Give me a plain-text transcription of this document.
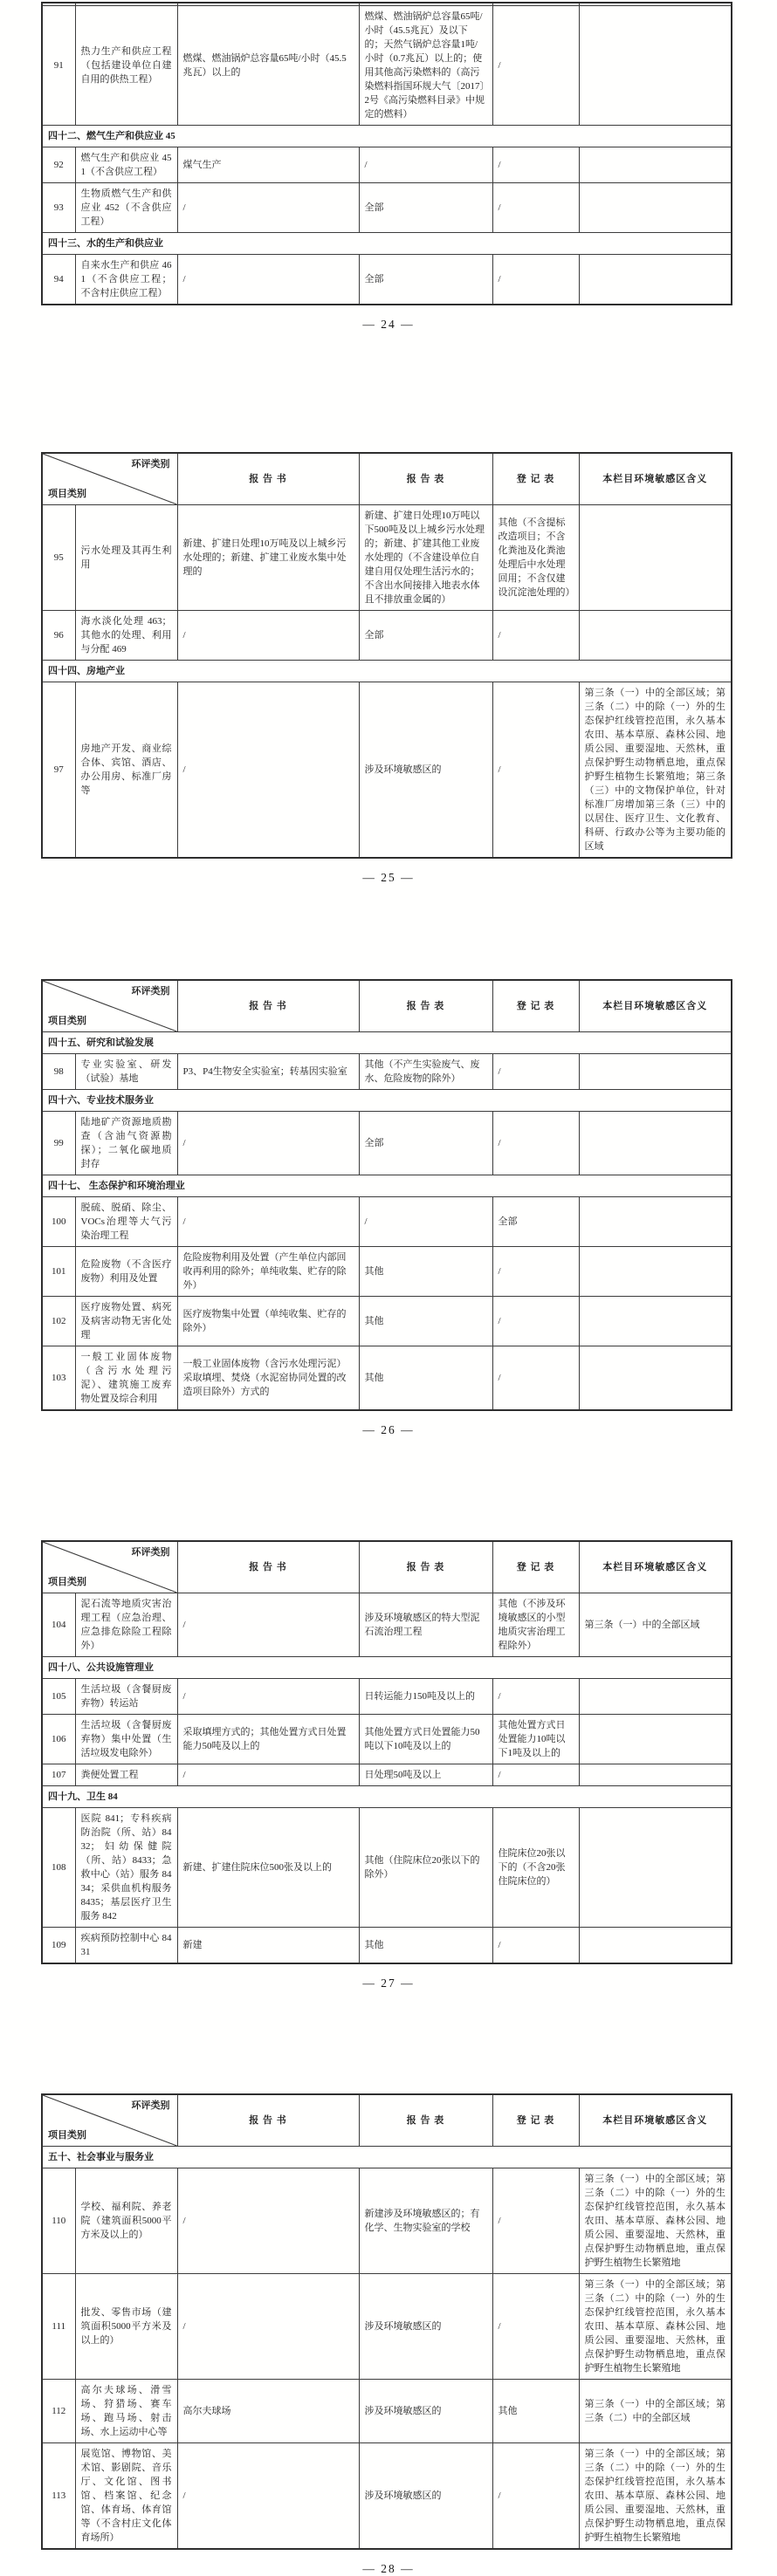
91	热力生产和供应工程（包括建设单位自建自用的供热工程）	燃煤、燃油锅炉总容量65吨/小时（45.5兆瓦）以上的	燃煤、燃油锅炉总容量65吨/小时（45.5兆瓦）及以下的；天然气锅炉总容量1吨/小时（0.7兆瓦）以上的；使用其他高污染燃料的（高污染燃料指国环规大气〔2017〕2号《高污染燃料目录》中规定的燃料）	/	
四十二、燃气生产和供应业 45					
92	燃气生产和供应业 451（不含供应工程）	煤气生产	/	/	
93	生物质燃气生产和供应业 452（不含供应工程）	/	全部	/	
四十三、水的生产和供应业					
94	自来水生产和供应 461（不含供应工程；不含村庄供应工程）	/	全部	/	
— 24 —
环评类别
项目类别		报 告 书	报 告 表	登 记 表	本栏目环境敏感区含义
95	污水处理及其再生利用	新建、扩建日处理10万吨及以上城乡污水处理的；新建、扩建工业废水集中处理的	新建、扩建日处理10万吨以下500吨及以上城乡污水处理的；新建、扩建其他工业废水处理的（不含建设单位自建自用仅处理生活污水的；不含出水间接排入地表水体且不排放重金属的）	其他（不含提标改造项目；不含化粪池及化粪池处理后中水处理回用；不含仅建设沉淀池处理的）	
96	海水淡化处理 463；其他水的处理、利用与分配 469	/	全部	/	
四十四、房地产业					
97	房地产开发、商业综合体、宾馆、酒店、办公用房、标准厂房等	/	涉及环境敏感区的	/	第三条（一）中的全部区域；第三条（二）中的除（一）外的生态保护红线管控范围，永久基本农田、基本草原、森林公园、地质公园、重要湿地、天然林，重点保护野生动物栖息地，重点保护野生植物生长繁殖地；第三条（三）中的文物保护单位，针对标准厂房增加第三条（三）中的以居住、医疗卫生、文化教育、科研、行政办公等为主要功能的区域
— 25 —
环评类别
项目类别		报 告 书	报 告 表	登 记 表	本栏目环境敏感区含义
四十五、研究和试验发展					
98	专业实验室、研发（试验）基地	P3、P4生物安全实验室；转基因实验室	其他（不产生实验废气、废水、危险废物的除外）	/	
四十六、专业技术服务业					
99	陆地矿产资源地质勘查（含油气资源勘探）；二氧化碳地质封存	/	全部	/	
四十七、 生态保护和环境治理业					
100	脱硫、脱硝、除尘、VOCs治理等大气污染治理工程	/	/	全部	
101	危险废物（不含医疗废物）利用及处置	危险废物利用及处置（产生单位内部回收再利用的除外；单纯收集、贮存的除外）	其他	/	
102	医疗废物处置、病死及病害动物无害化处理	医疗废物集中处置（单纯收集、贮存的除外）	其他	/	
103	一般工业固体废物（含污水处理污泥）、建筑施工废弃物处置及综合利用	一般工业固体废物（含污水处理污泥）采取填埋、焚烧（水泥窑协同处置的改造项目除外）方式的	其他	/	
— 26 —
环评类别
项目类别		报 告 书	报 告 表	登 记 表	本栏目环境敏感区含义
104	泥石流等地质灾害治理工程（应急治理、应急排危除险工程除外）	/	涉及环境敏感区的特大型泥石流治理工程	其他（不涉及环境敏感区的小型地质灾害治理工程除外）	第三条（一）中的全部区域
四十八、公共设施管理业					
105	生活垃圾（含餐厨废弃物）转运站	/	日转运能力150吨及以上的	/	
106	生活垃圾（含餐厨废弃物）集中处置（生活垃圾发电除外）	采取填埋方式的；其他处置方式日处置能力50吨及以上的	其他处置方式日处置能力50吨以下10吨及以上的	其他处置方式日处置能力10吨以下1吨及以上的	
107	粪便处置工程	/	日处理50吨及以上	/	
四十九、卫生 84					
108	医院 841；专科疾病防治院（所、站）8432；妇幼保健院（所、站）8433；急救中心（站）服务 8434；采供血机构服务 8435；基层医疗卫生服务 842	新建、扩建住院床位500张及以上的	其他（住院床位20张以下的除外）	住院床位20张以下的（不含20张住院床位的）	
109	疾病预防控制中心 8431	新建	其他	/	
— 27 —
环评类别
项目类别		报 告 书	报 告 表	登 记 表	本栏目环境敏感区含义
五十、社会事业与服务业					
110	学校、福利院、养老院（建筑面积5000平方米及以上的）	/	新建涉及环境敏感区的；有化学、生物实验室的学校	/	第三条（一）中的全部区域；第三条（二）中的除（一）外的生态保护红线管控范围，永久基本农田、基本草原、森林公园、地质公园、重要湿地、天然林，重点保护野生动物栖息地，重点保护野生植物生长繁殖地
111	批发、零售市场（建筑面积5000平方米及以上的）	/	涉及环境敏感区的	/	第三条（一）中的全部区域；第三条（二）中的除（一）外的生态保护红线管控范围，永久基本农田、基本草原、森林公园、地质公园、重要湿地、天然林，重点保护野生动物栖息地，重点保护野生植物生长繁殖地
112	高尔夫球场、滑雪场、狩猎场、赛车场、跑马场、射击场、水上运动中心等	高尔夫球场	涉及环境敏感区的	其他	第三条（一）中的全部区域；第三条（二）中的全部区域
113	展览馆、博物馆、美术馆、影剧院、音乐厅、文化馆、图书馆、档案馆、纪念馆、体育场、体育馆等（不含村庄文化体育场所）	/	涉及环境敏感区的	/	第三条（一）中的全部区域；第三条（二）中的除（一）外的生态保护红线管控范围，永久基本农田、基本草原、森林公园、地质公园、重要湿地、天然林，重点保护野生动物栖息地，重点保护野生植物生长繁殖地
— 28 —
